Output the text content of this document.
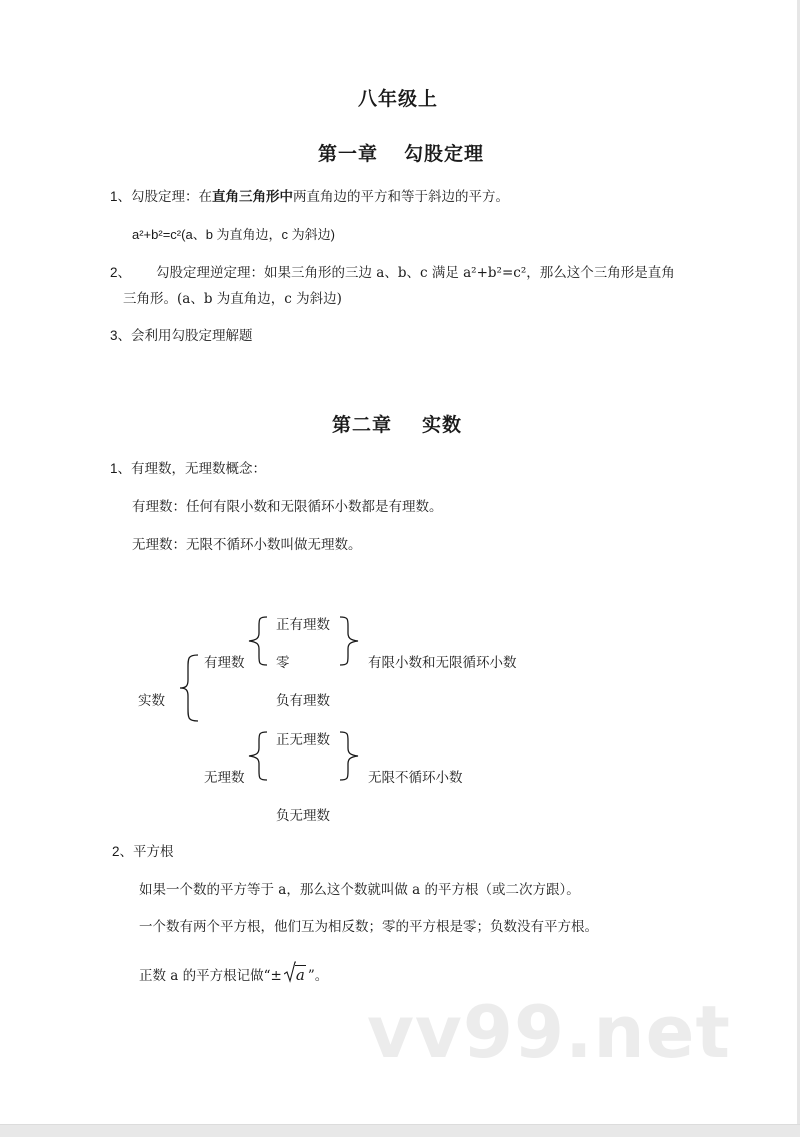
八年级上
第一章 勾股定理
1、勾股定理：在直角三角形中两直角边的平方和等于斜边的平方。
a²+b²=c²(a、b 为直角边，c 为斜边)
2、 勾股定理逆定理：如果三角形的三边 a、b、c 满足 a²+b²=c²，那么这个三角形是直角
三角形。(a、b 为直角边，c 为斜边)
3、会利用勾股定理解题
第二章 实数
1、有理数，无理数概念：
有理数：任何有限小数和无限循环小数都是有理数。
无理数：无限不循环小数叫做无理数。
实数
有理数
正有理数
零
负有理数
有限小数和无限循环小数
无理数
正无理数
负无理数
无限不循环小数
2、平方根
如果一个数的平方等于 a，那么这个数就叫做 a 的平方根（或二次方跟）。
一个数有两个平方根，他们互为相反数；零的平方根是零；负数没有平方根。
正数 a 的平方根记做“± a ”。
vv99.net
